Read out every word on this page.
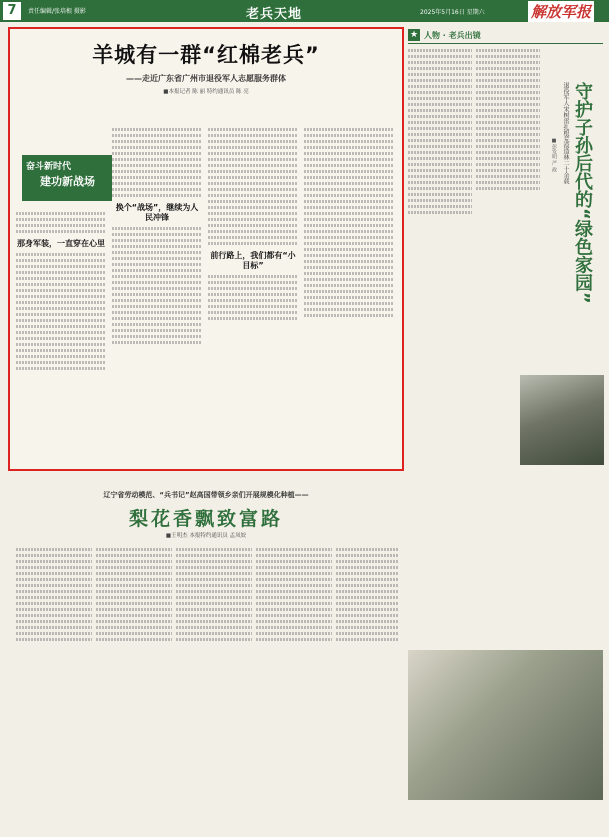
7	责任编辑/张培根 摄影	老兵天地	2025年5月16日 星期六	解放军报
羊城有一群“红棉老兵”
——走近广东省广州市退役军人志愿服务群体
■本报记者 陈 丽 特约通讯员 陈 亮
奋斗新时代
建功新战场
那身军装，一直穿在心里
换个“战场”，继续为人民冲锋
前行路上，我们都有“小目标”
★ 人物 · 老兵出镜
守护子孙后代的“绿色家园”
退役军人宋树雷扎根荒漠造林二十余载
■彭发明 严 政
辽宁省劳动模范、“兵书记”赵高国带领乡亲们开展规模化种植——
梨花香飘致富路
■王明杰 本报特约通讯员 孟凤姣
